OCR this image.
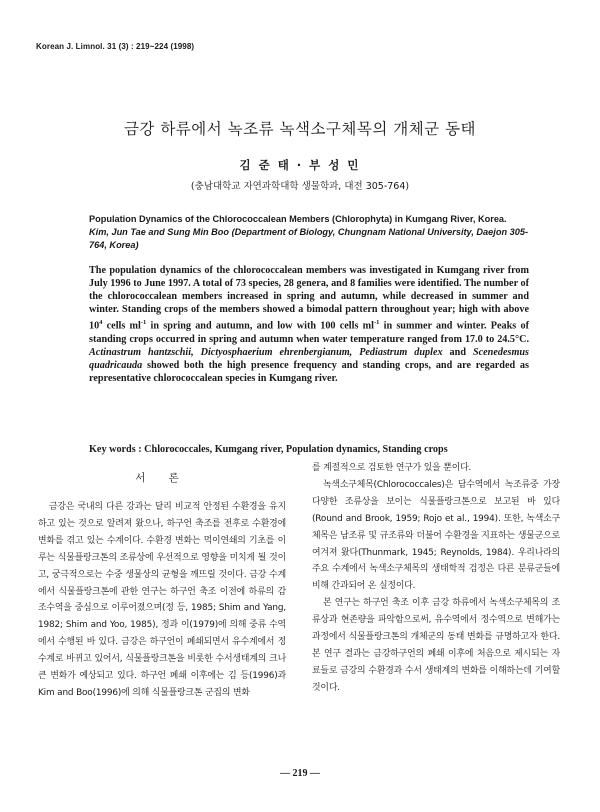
Korean J. Limnol. 31 (3) : 219~224 (1998)
금강 하류에서 녹조류 녹색소구체목의 개체군 동태
김 준 태 · 부 성 민
(충남대학교 자연과학대학 생물학과, 대전 305-764)
Population Dynamics of the Chlorococcalean Members (Chlorophyta) in Kumgang River, Korea. Kim, Jun Tae and Sung Min Boo (Department of Biology, Chungnam National University, Daejon 305-764, Korea)
The population dynamics of the chlorococcalean members was investigated in Kumgang river from July 1996 to June 1997. A total of 73 species, 28 genera, and 8 families were identified. The number of the chlorococcalean members increased in spring and autumn, while decreased in summer and winter. Standing crops of the members showed a bimodal pattern throughout year; high with above $10^4$ cells $ml^{-1}$ in spring and autumn, and low with 100 cells $ml^{-1}$ in summer and winter. Peaks of standing crops occurred in spring and autumn when water temperature ranged from 17.0 to 24.5°C. Actinastrum hantzschii, Dictyosphaerium ehrenbergianum, Pediastrum duplex and Scenedesmus quadricauda showed both the high presence frequency and standing crops, and are regarded as representative chlorococcalean species in Kumgang river.
Key words : Chlorococcales, Kumgang river, Population dynamics, Standing crops
서 론

금강은 국내의 다른 강과는 달리 비교적 안정된 수환경을 유지하고 있는 것으로 알려져 왔으나, 하구언 축조를 전후로 수환경에 변화를 겪고 있는 수계이다. 수환경 변화는 먹이연쇄의 기초를 이루는 식물플랑크톤의 조류상에 우선적으로 영향을 미치게 될 것이고, 궁극적으로는 수중 생물상의 균형을 깨뜨릴 것이다. 금강 수계에서 식물플랑크톤에 관한 연구는 하구언 축조 이전에 하류의 감조수역을 중심으로 이루어졌으며(정 등, 1985; Shim and Yang, 1982; Shim and Yoo, 1985), 정과 이(1979)에 의해 중류 수역에서 수행된 바 있다. 금강은 하구언이 폐쇄되면서 유수계에서 정수계로 바뀌고 있어서, 식물플랑크톤을 비롯한 수서생태계의 크나 큰 변화가 예상되고 있다. 하구언 폐쇄 이후에는 김 등(1996)과 Kim and Boo(1996)에 의해 식물플랑크톤 군집의 변화

를 계절적으로 검토한 연구가 있을 뿐이다.

녹색소구체목(Chlorococcales)은 담수역에서 녹조류중 가장 다양한 조류상을 보이는 식물플랑크톤으로 보고된 바 있다(Round and Brook, 1959; Rojo et al., 1994). 또한, 녹색소구체목은 남조류 및 규조류와 더불어 수환경을 지표하는 생물군으로 여겨져 왔다(Thunmark, 1945; Reynolds, 1984). 우리나라의 주요 수계에서 녹색소구체목의 생태학적 검정은 다른 분류군들에 비해 간과되어 온 실정이다.

본 연구는 하구언 축조 이후 금강 하류에서 녹색소구체목의 조류상과 현존량을 파악함으로써, 유수역에서 정수역으로 변해가는 과정에서 식물플랑크톤의 개체군의 동태 변화를 규명하고자 한다. 본 연구 결과는 금강하구언의 폐쇄 이후에 처음으로 제시되는 자료들로 금강의 수환경과 수서 생태계의 변화를 이해하는데 기여할 것이다.

— 219 —
